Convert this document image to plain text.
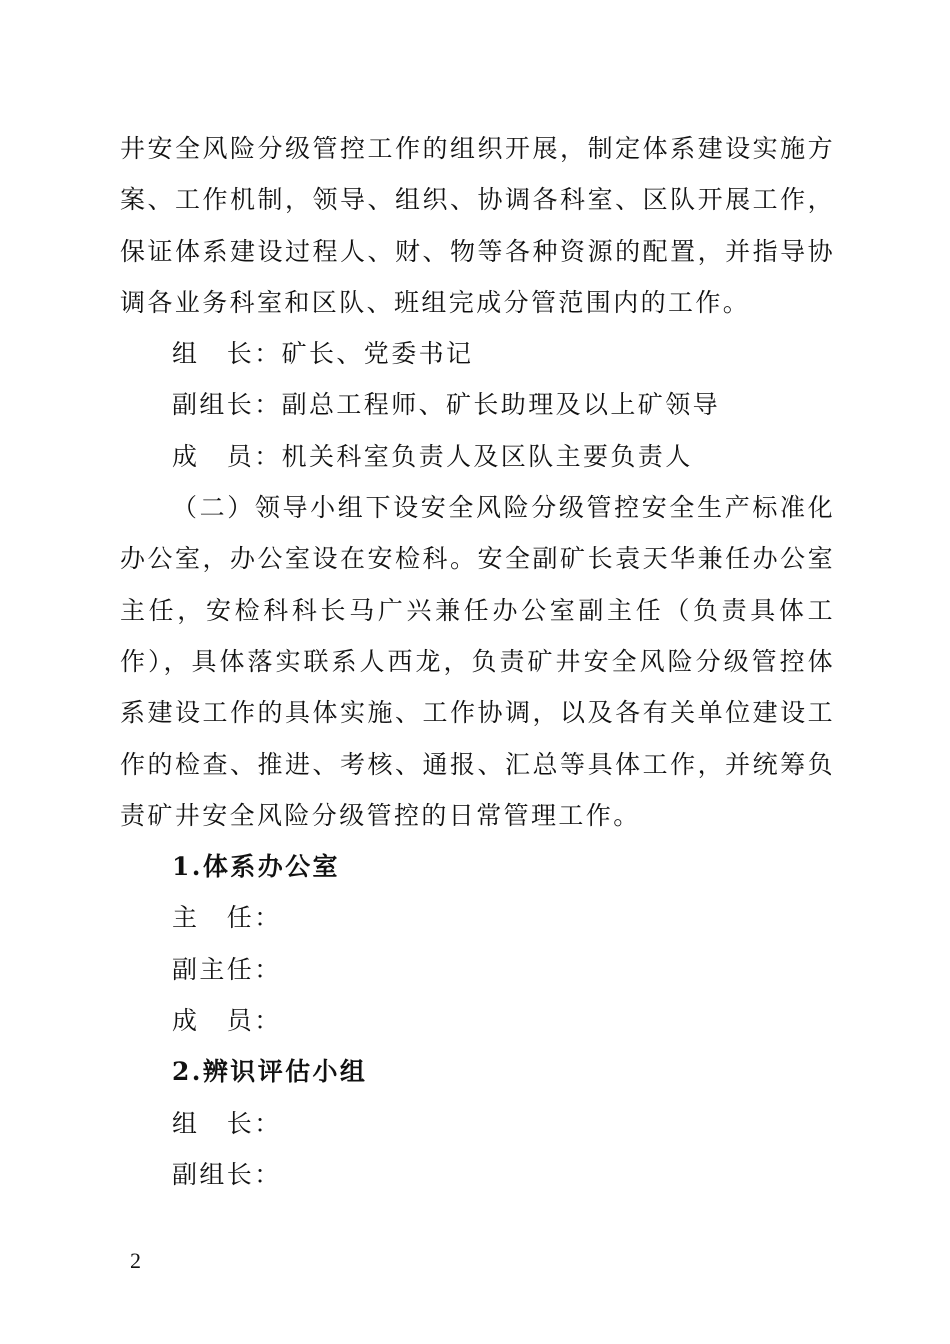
井安全风险分级管控工作的组织开展，制定体系建设实施方案、工作机制，领导、组织、协调各科室、区队开展工作，保证体系建设过程人、财、物等各种资源的配置，并指导协调各业务科室和区队、班组完成分管范围内的工作。

组　长：矿长、党委书记

副组长：副总工程师、矿长助理及以上矿领导

成　员：机关科室负责人及区队主要负责人

（二）领导小组下设安全风险分级管控安全生产标准化办公室，办公室设在安检科。安全副矿长袁天华兼任办公室主任，安检科科长马广兴兼任办公室副主任（负责具体工作），具体落实联系人西龙，负责矿井安全风险分级管控体系建设工作的具体实施、工作协调，以及各有关单位建设工作的检查、推进、考核、通报、汇总等具体工作，并统筹负责矿井安全风险分级管控的日常管理工作。

1.体系办公室

主　任：

副主任：

成　员：

2.辨识评估小组

组　长：

副组长：

2
